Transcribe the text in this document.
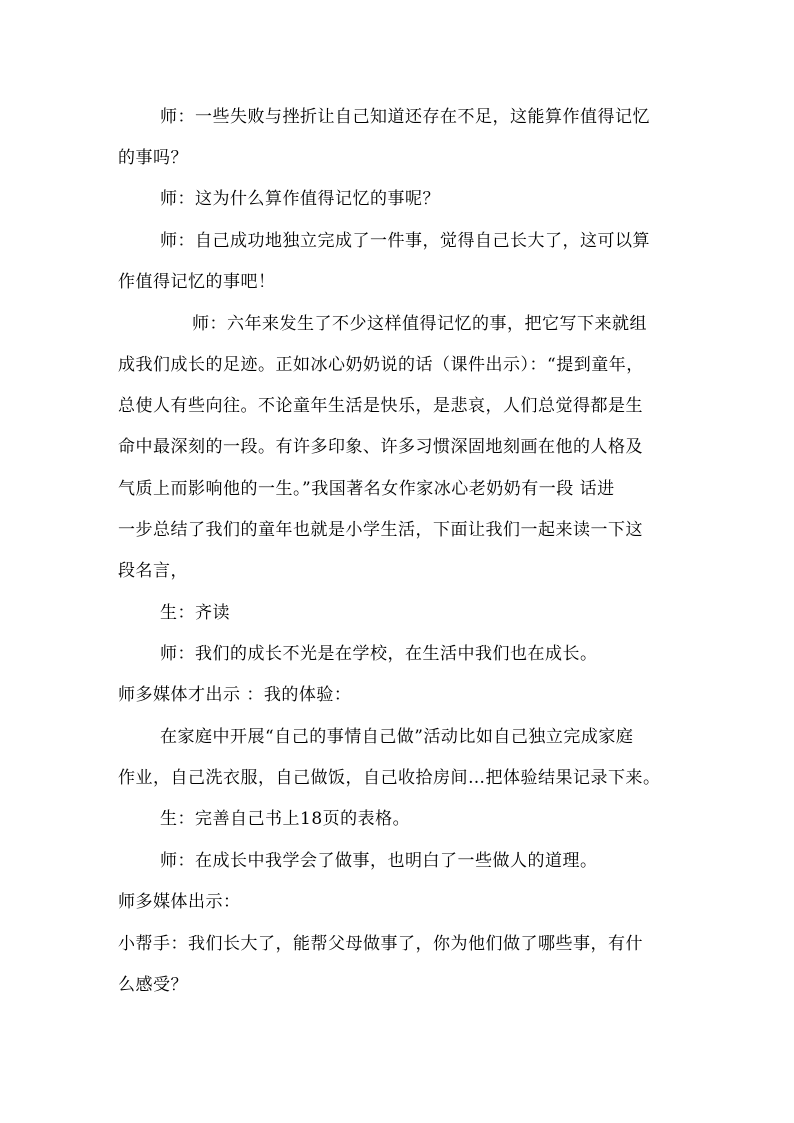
师：一些失败与挫折让自己知道还存在不足，这能算作值得记忆
的事吗？
师：这为什么算作值得记忆的事呢？
师：自己成功地独立完成了一件事，觉得自己长大了，这可以算
作值得记忆的事吧！
师：六年来发生了不少这样值得记忆的事，把它写下来就组
成我们成长的足迹。正如冰心奶奶说的话（课件出示）：“提到童年，
总使人有些向往。不论童年生活是快乐，是悲哀，人们总觉得都是生
命中最深刻的一段。有许多印象、许多习惯深固地刻画在他的人格及
气质上而影响他的一生。”我国著名女作家冰心老奶奶有一段 话进
一步总结了我们的童年也就是小学生活，下面让我们一起来读一下这
段名言，
生：齐读
师：我们的成长不光是在学校，在生活中我们也在成长。
师多媒体才出示 ：我的体验：
在家庭中开展“自己的事情自己做”活动比如自己独立完成家庭
作业，自己洗衣服，自己做饭，自己收拾房间…把体验结果记录下来。
生：完善自己书上18页的表格。
师：在成长中我学会了做事，也明白了一些做人的道理。
师多媒体出示：
小帮手：我们长大了，能帮父母做事了，你为他们做了哪些事，有什
么感受？
